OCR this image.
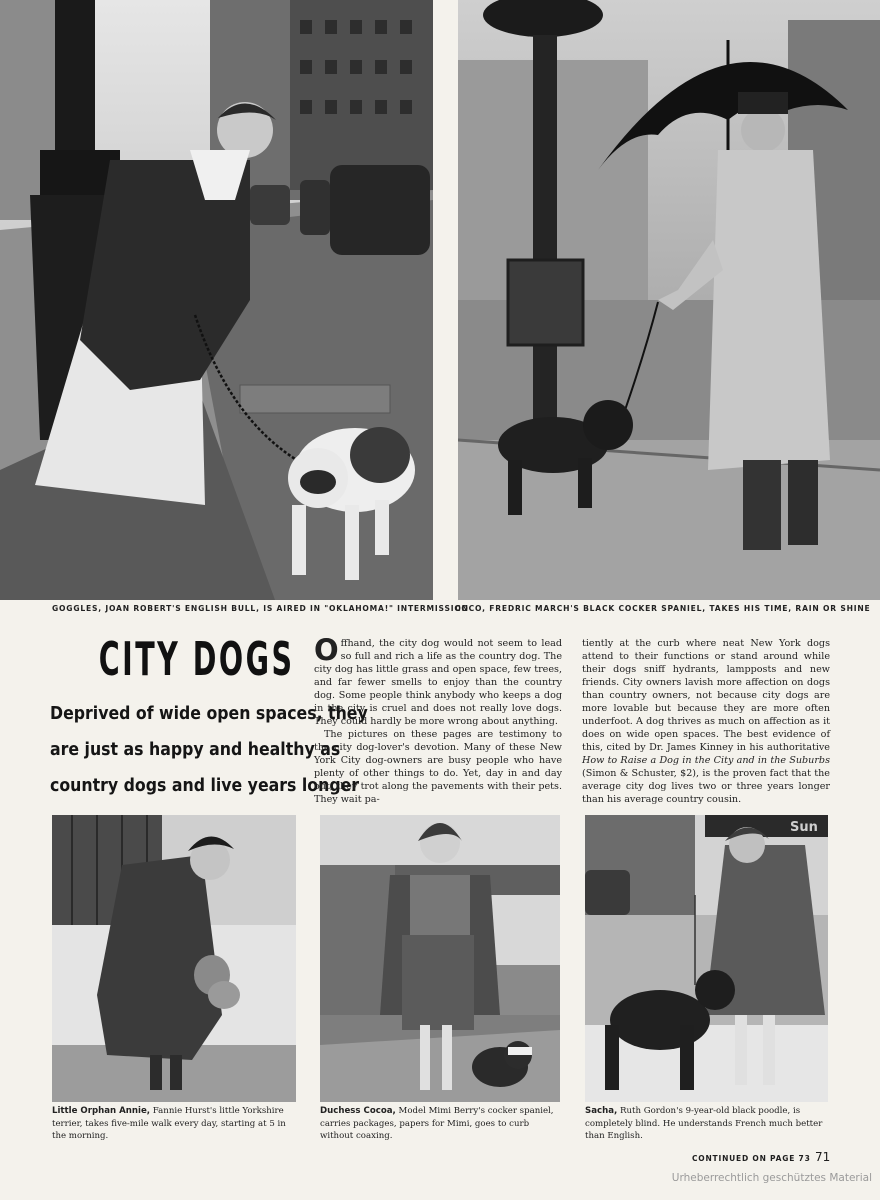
GOGGLES, JOAN ROBERT'S ENGLISH BULL, IS AIRED IN "OKLAHOMA!" INTERMISSION
COCO, FREDRIC MARCH'S BLACK COCKER SPANIEL, TAKES HIS TIME, RAIN OR SHINE
CITY DOGS
Deprived of wide open spaces, they
are just as happy and healthy as
country dogs and live years longer

Offhand, the city dog would not seem to lead so full and rich a life as the country dog. The city dog has little grass and open space, few trees, and far fewer smells to enjoy than the country dog. Some people think anybody who keeps a dog in the city is cruel and does not really love dogs. They could hardly be more wrong about anything.

The pictures on these pages are testimony to the city dog-lover's devotion. Many of these New York City dog-owners are busy people who have plenty of other things to do. Yet, day in and day out, they trot along the pavements with their pets. They wait pa-

tiently at the curb where neat New York dogs attend to their functions or stand around while their dogs sniff hydrants, lampposts and new friends. City owners lavish more affection on dogs than country owners, not because city dogs are more lovable but because they are more often underfoot. A dog thrives as much on affection as it does on wide open spaces. The best evidence of this, cited by Dr. James Kinney in his authoritative How to Raise a Dog in the City and in the Suburbs (Simon & Schuster, $2), is the proven fact that the average city dog lives two or three years longer than his average country cousin.

Sun
Little Orphan Annie, Fannie Hurst's little Yorkshire terrier, takes five-mile walk every day, starting at 5 in the morning.
Duchess Cocoa, Model Mimi Berry's cocker spaniel, carries packages, papers for Mimi, goes to curb without coaxing.
Sacha, Ruth Gordon's 9-year-old black poodle, is completely blind. He understands French much better than English.
CONTINUED ON PAGE 73 71
Urheberrechtlich geschütztes Material
